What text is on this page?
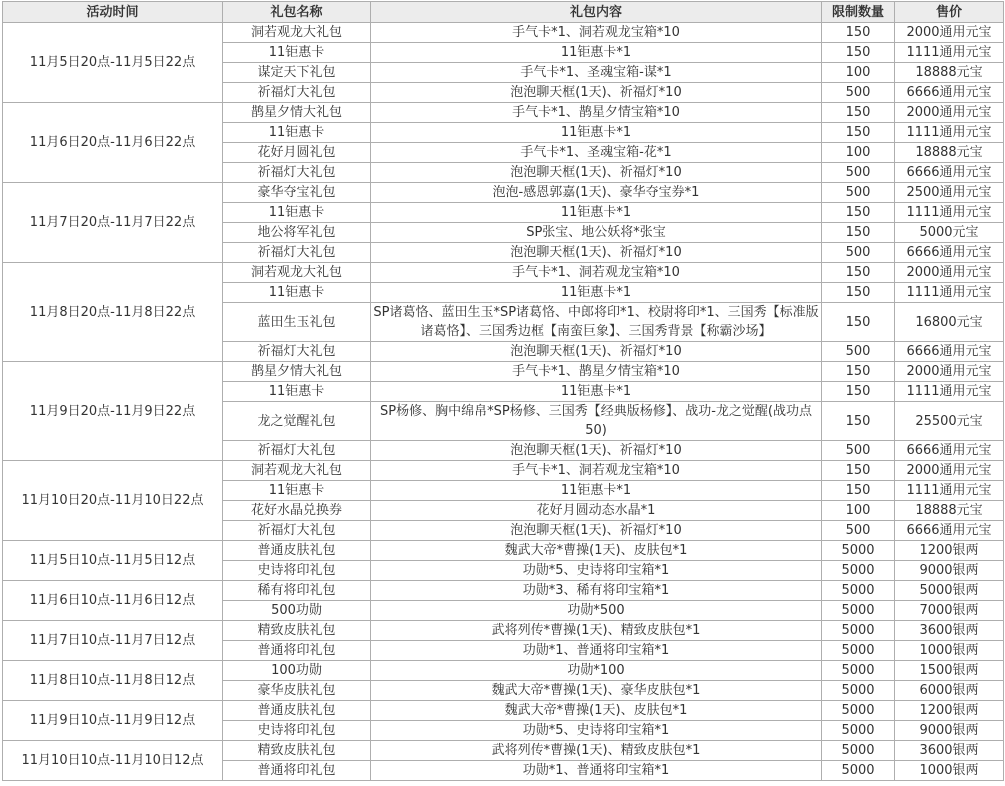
活动时间	礼包名称	礼包内容	限制数量	售价
11月5日20点-11月5日22点	洞若观龙大礼包	手气卡*1、洞若观龙宝箱*10	150	2000通用元宝
	11钜惠卡	11钜惠卡*1	150	1111通用元宝
	谋定天下礼包	手气卡*1、圣魂宝箱-谋*1	100	18888元宝
	祈福灯大礼包	泡泡聊天框(1天)、祈福灯*10	500	6666通用元宝
11月6日20点-11月6日22点	鹊星夕情大礼包	手气卡*1、鹊星夕情宝箱*10	150	2000通用元宝
	11钜惠卡	11钜惠卡*1	150	1111通用元宝
	花好月圆礼包	手气卡*1、圣魂宝箱-花*1	100	18888元宝
	祈福灯大礼包	泡泡聊天框(1天)、祈福灯*10	500	6666通用元宝
11月7日20点-11月7日22点	豪华夺宝礼包	泡泡-感恩郭嘉(1天)、豪华夺宝券*1	500	2500通用元宝
	11钜惠卡	11钜惠卡*1	150	1111通用元宝
	地公将军礼包	SP张宝、地公妖将*张宝	150	5000元宝
	祈福灯大礼包	泡泡聊天框(1天)、祈福灯*10	500	6666通用元宝
11月8日20点-11月8日22点	洞若观龙大礼包	手气卡*1、洞若观龙宝箱*10	150	2000通用元宝
	11钜惠卡	11钜惠卡*1	150	1111通用元宝
	蓝田生玉礼包	SP诸葛恪、蓝田生玉*SP诸葛恪、中郎将印*1、校尉将印*1、三国秀【标准版诸葛恪】、三国秀边框【南蛮巨象】、三国秀背景【称霸沙场】	150	16800元宝
	祈福灯大礼包	泡泡聊天框(1天)、祈福灯*10	500	6666通用元宝
11月9日20点-11月9日22点	鹊星夕情大礼包	手气卡*1、鹊星夕情宝箱*10	150	2000通用元宝
	11钜惠卡	11钜惠卡*1	150	1111通用元宝
	龙之觉醒礼包	SP杨修、胸中绵帛*SP杨修、三国秀【经典版杨修】、战功-龙之觉醒(战功点50)	150	25500元宝
	祈福灯大礼包	泡泡聊天框(1天)、祈福灯*10	500	6666通用元宝
11月10日20点-11月10日22点	洞若观龙大礼包	手气卡*1、洞若观龙宝箱*10	150	2000通用元宝
	11钜惠卡	11钜惠卡*1	150	1111通用元宝
	花好水晶兑换券	花好月圆动态水晶*1	100	18888元宝
	祈福灯大礼包	泡泡聊天框(1天)、祈福灯*10	500	6666通用元宝
11月5日10点-11月5日12点	普通皮肤礼包	魏武大帝*曹操(1天)、皮肤包*1	5000	1200银两
	史诗将印礼包	功勋*5、史诗将印宝箱*1	5000	9000银两
11月6日10点-11月6日12点	稀有将印礼包	功勋*3、稀有将印宝箱*1	5000	5000银两
	500功勋	功勋*500	5000	7000银两
11月7日10点-11月7日12点	精致皮肤礼包	武将列传*曹操(1天)、精致皮肤包*1	5000	3600银两
	普通将印礼包	功勋*1、普通将印宝箱*1	5000	1000银两
11月8日10点-11月8日12点	100功勋	功勋*100	5000	1500银两
	豪华皮肤礼包	魏武大帝*曹操(1天)、豪华皮肤包*1	5000	6000银两
11月9日10点-11月9日12点	普通皮肤礼包	魏武大帝*曹操(1天)、皮肤包*1	5000	1200银两
	史诗将印礼包	功勋*5、史诗将印宝箱*1	5000	9000银两
11月10日10点-11月10日12点	精致皮肤礼包	武将列传*曹操(1天)、精致皮肤包*1	5000	3600银两
	普通将印礼包	功勋*1、普通将印宝箱*1	5000	1000银两
